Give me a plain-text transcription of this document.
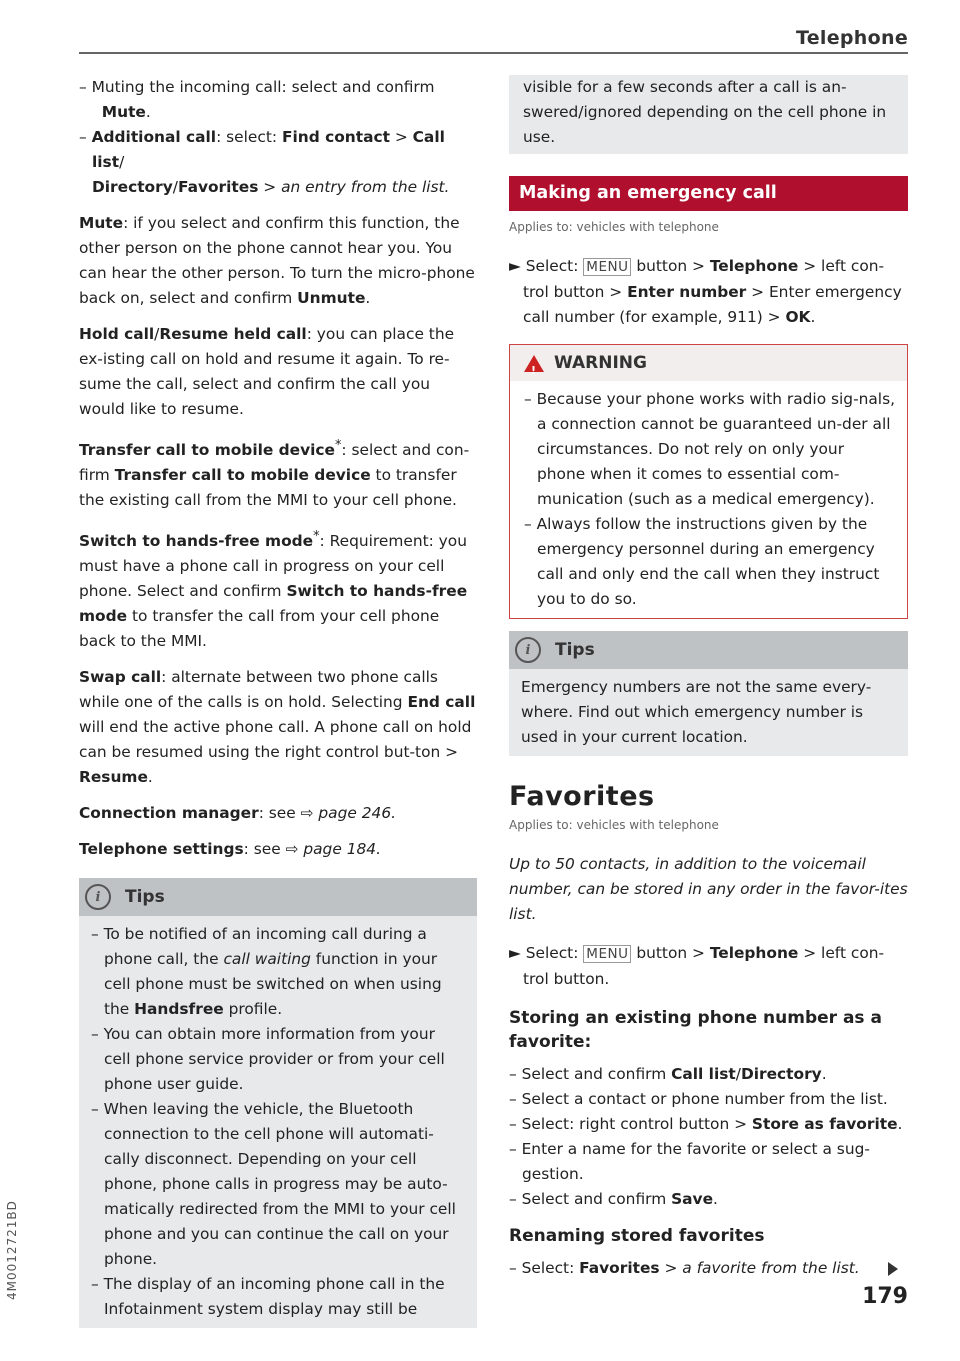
Telephone

– Muting the incoming call: select and confirm
Mute.

– Additional call: select: Find contact > Call list/
Directory/Favorites > an entry from the list.

Mute: if you select and confirm this function, the other person on the phone cannot hear you. You can hear the other person. To turn the micro-phone back on, select and confirm Unmute.

Hold call/Resume held call: you can place the ex-isting call on hold and resume it again. To re-sume the call, select and confirm the call you would like to resume.

Transfer call to mobile device*: select and con-firm Transfer call to mobile device to transfer the existing call from the MMI to your cell phone.

Switch to hands-free mode*: Requirement: you must have a phone call in progress on your cell phone. Select and confirm Switch to hands-free mode to transfer the call from your cell phone back to the MMI.

Swap call: alternate between two phone calls while one of the calls is on hold. Selecting End call will end the active phone call. A phone call on hold can be resumed using the right control but-ton > Resume.

Connection manager: see ⇨ page 246.

Telephone settings: see ⇨ page 184.

i	Tips

– To be notified of an incoming call during a phone call, the call waiting function in your cell phone must be switched on when using the Handsfree profile.

– You can obtain more information from your cell phone service provider or from your cell phone user guide.

– When leaving the vehicle, the Bluetooth connection to the cell phone will automati-cally disconnect. Depending on your cell phone, phone calls in progress may be auto-matically redirected from the MMI to your cell phone and you can continue the call on your phone.

– The display of an incoming phone call in the Infotainment system display may still be

visible for a few seconds after a call is an-swered/ignored depending on the cell phone in use.

Making an emergency call
Applies to: vehicles with telephone

► Select: MENU button > Telephone > left con-trol button > Enter number > Enter emergency call number (for example, 911) > OK.

!
WARNING

– Because your phone works with radio sig-nals, a connection cannot be guaranteed un-der all circumstances. Do not rely on only your phone when it comes to essential com-munication (such as a medical emergency).

– Always follow the instructions given by the emergency personnel during an emergency call and only end the call when they instruct you to do so.

i	Tips

Emergency numbers are not the same every-where. Find out which emergency number is used in your current location.

Favorites
Applies to: vehicles with telephone

Up to 50 contacts, in addition to the voicemail number, can be stored in any order in the favor-ites list.

► Select: MENU button > Telephone > left con-trol button.

Storing an existing phone number as a favorite:

– Select and confirm Call list/Directory.

– Select a contact or phone number from the list.

– Select: right control button > Store as favorite.

– Enter a name for the favorite or select a sug-gestion.

– Select and confirm Save.

Renaming stored favorites

– Select: Favorites > a favorite from the list.

179
4M0012721BD
